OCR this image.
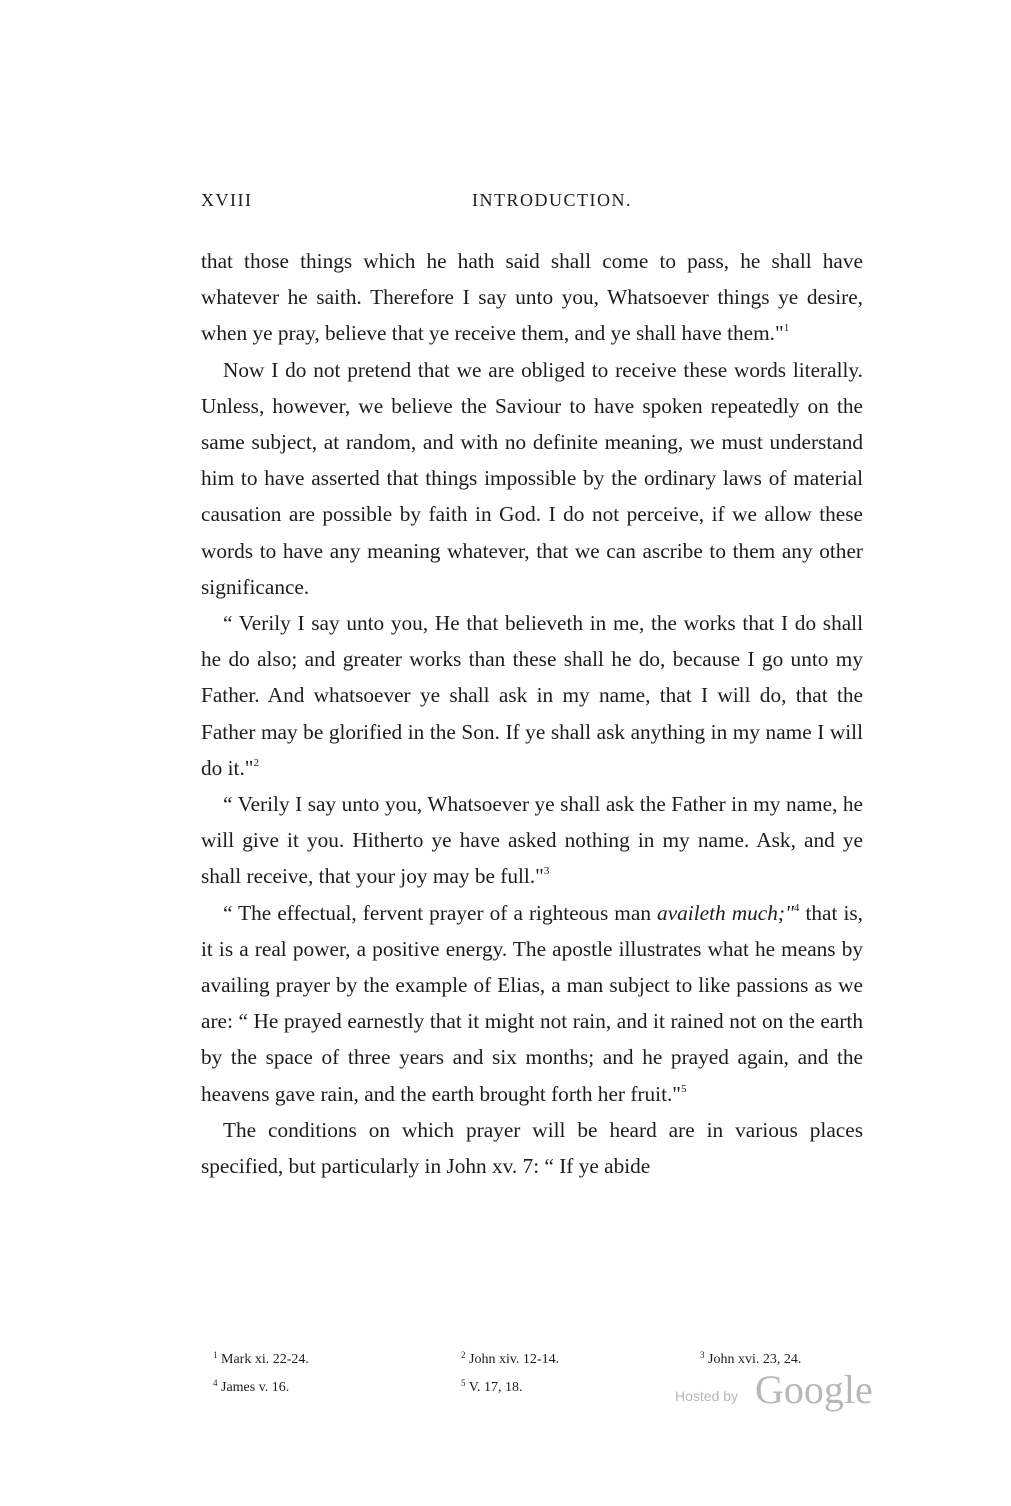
XVIII	INTRODUCTION.

that those things which he hath said shall come to pass, he shall have whatever he saith. Therefore I say unto you, Whatsoever things ye desire, when ye pray, believe that ye receive them, and ye shall have them."$^1$

Now I do not pretend that we are obliged to receive these words literally. Unless, however, we believe the Saviour to have spoken repeatedly on the same subject, at random, and with no definite meaning, we must understand him to have asserted that things impossible by the ordinary laws of material causation are possible by faith in God. I do not perceive, if we allow these words to have any meaning whatever, that we can ascribe to them any other significance.

“ Verily I say unto you, He that believeth in me, the works that I do shall he do also; and greater works than these shall he do, because I go unto my Father. And whatsoever ye shall ask in my name, that I will do, that the Father may be glorified in the Son. If ye shall ask anything in my name I will do it."$^2$

“ Verily I say unto you, Whatsoever ye shall ask the Father in my name, he will give it you. Hitherto ye have asked nothing in my name. Ask, and ye shall receive, that your joy may be full."$^3$

“ The effectual, fervent prayer of a righteous man availeth much;"$^4$ that is, it is a real power, a positive energy. The apostle illustrates what he means by availing prayer by the example of Elias, a man subject to like passions as we are: “ He prayed earnestly that it might not rain, and it rained not on the earth by the space of three years and six months; and he prayed again, and the heavens gave rain, and the earth brought forth her fruit."$^5$

The conditions on which prayer will be heard are in various places specified, but particularly in John xv. 7: “ If ye abide

$^1$ Mark xi. 22-24.	$^2$ John xiv. 12-14.	$^3$ John xvi. 23, 24.
$^4$ James v. 16.	$^5$ V. 17, 18.
Hosted by Google
